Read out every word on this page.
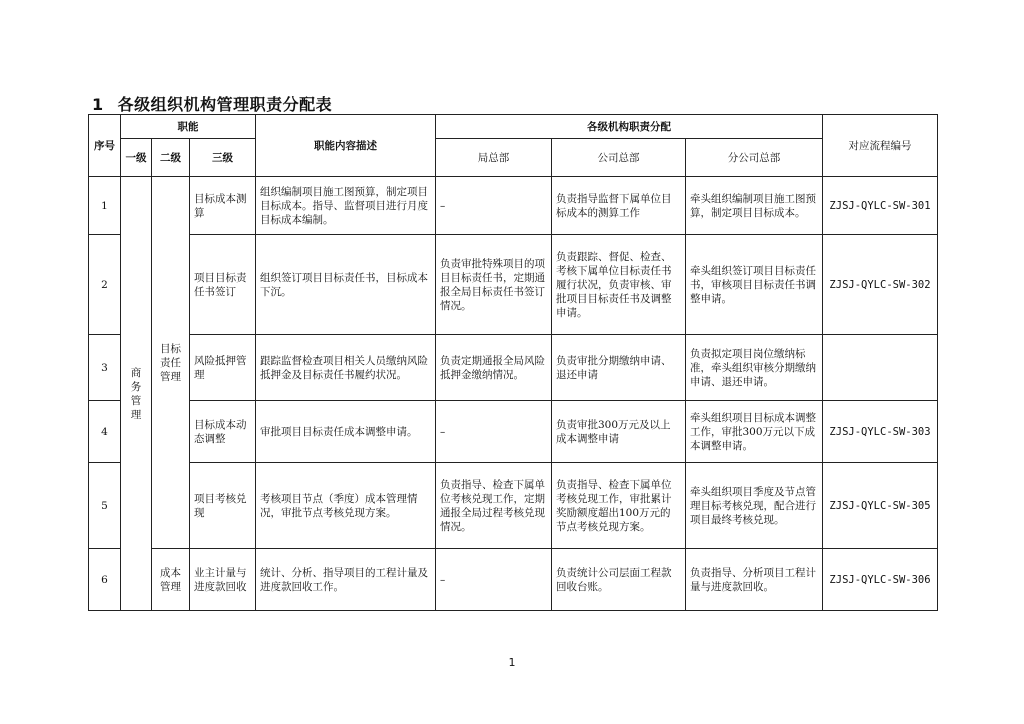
1 各级组织机构管理职责分配表
序号	职能			职能内容描述	各级机构职责分配			对应流程编号
	一级	二级	三级		局总部	公司总部	分公司总部	
1	商务管理	目标责任管理	目标成本测算	组织编制项目施工图预算，制定项目目标成本。指导、监督项目进行月度目标成本编制。	–	负责指导监督下属单位目标成本的测算工作	牵头组织编制项目施工图预算，制定项目目标成本。	ZJSJ-QYLC-SW-301
2			项目目标责任书签订	组织签订项目目标责任书，目标成本下沉。	负责审批特殊项目的项目目标责任书，定期通报全局目标责任书签订情况。	负责跟踪、督促、检查、考核下属单位目标责任书履行状况，负责审核、审批项目目标责任书及调整申请。	牵头组织签订项目目标责任书，审核项目目标责任书调整申请。	ZJSJ-QYLC-SW-302
3			风险抵押管理	跟踪监督检查项目相关人员缴纳风险抵押金及目标责任书履约状况。	负责定期通报全局风险抵押金缴纳情况。	负责审批分期缴纳申请、退还申请	负责拟定项目岗位缴纳标准，牵头组织审核分期缴纳申请、退还申请。	
4			目标成本动态调整	审批项目目标责任成本调整申请。	–	负责审批300万元及以上成本调整申请	牵头组织项目目标成本调整工作，审批300万元以下成本调整申请。	ZJSJ-QYLC-SW-303
5			项目考核兑现	考核项目节点（季度）成本管理情况，审批节点考核兑现方案。	负责指导、检查下属单位考核兑现工作，定期通报全局过程考核兑现情况。	负责指导、检查下属单位考核兑现工作，审批累计奖励额度超出100万元的节点考核兑现方案。	牵头组织项目季度及节点管理目标考核兑现，配合进行项目最终考核兑现。	ZJSJ-QYLC-SW-305
6		成本管理	业主计量与进度款回收	统计、分析、指导项目的工程计量及进度款回收工作。	–	负责统计公司层面工程款回收台账。	负责指导、分析项目工程计量与进度款回收。	ZJSJ-QYLC-SW-306
1
